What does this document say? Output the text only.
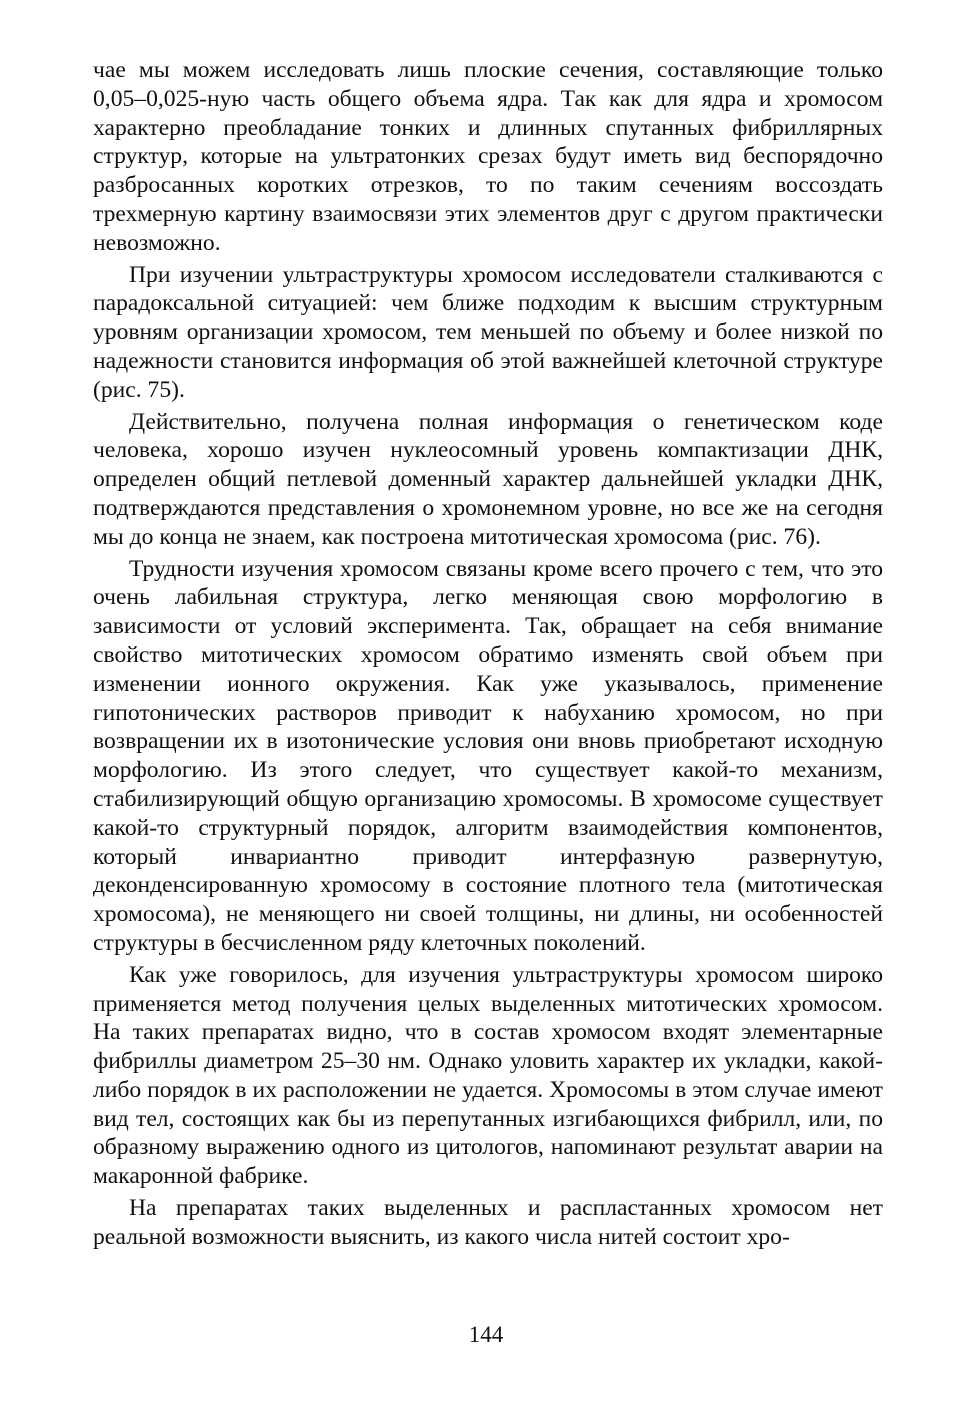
чае мы можем исследовать лишь плоские сечения, составляющие только 0,05–0,025-ную часть общего объема ядра. Так как для ядра и хромосом характерно преобладание тонких и длинных спутанных фибриллярных структур, которые на ультратонких срезах будут иметь вид беспорядочно разбросанных коротких отрезков, то по таким сечениям воссоздать трехмерную картину взаимосвязи этих элементов друг с другом практически невозможно.

При изучении ультраструктуры хромосом исследователи сталкиваются с парадоксальной ситуацией: чем ближе подходим к высшим структурным уровням организации хромосом, тем меньшей по объему и более низкой по надежности становится информация об этой важнейшей клеточной структуре (рис. 75).

Действительно, получена полная информация о генетическом коде человека, хорошо изучен нуклеосомный уровень компактизации ДНК, определен общий петлевой доменный характер дальнейшей укладки ДНК, подтверждаются представления о хромонемном уровне, но все же на сегодня мы до конца не знаем, как построена митотическая хромосома (рис. 76).

Трудности изучения хромосом связаны кроме всего прочего с тем, что это очень лабильная структура, легко меняющая свою морфологию в зависимости от условий эксперимента. Так, обращает на себя внимание свойство митотических хромосом обратимо изменять свой объем при изменении ионного окружения. Как уже указывалось, применение гипотонических растворов приводит к набуханию хромосом, но при возвращении их в изотонические условия они вновь приобретают исходную морфологию. Из этого следует, что существует какой-то механизм, стабилизирующий общую организацию хромосомы. В хромосоме существует какой-то структурный порядок, алгоритм взаимодействия компонентов, который инвариантно приводит интерфазную развернутую, деконденсированную хромосому в состояние плотного тела (митотическая хромосома), не меняющего ни своей толщины, ни длины, ни особенностей структуры в бесчисленном ряду клеточных поколений.

Как уже говорилось, для изучения ультраструктуры хромосом широко применяется метод получения целых выделенных митотических хромосом. На таких препаратах видно, что в состав хромосом входят элементарные фибриллы диаметром 25–30 нм. Однако уловить характер их укладки, какой-либо порядок в их расположении не удается. Хромосомы в этом случае имеют вид тел, состоящих как бы из перепутанных изгибающихся фибрилл, или, по образному выражению одного из цитологов, напоминают результат аварии на макаронной фабрике.

На препаратах таких выделенных и распластанных хромосом нет реальной возможности выяснить, из какого числа нитей состоит хро-

144
